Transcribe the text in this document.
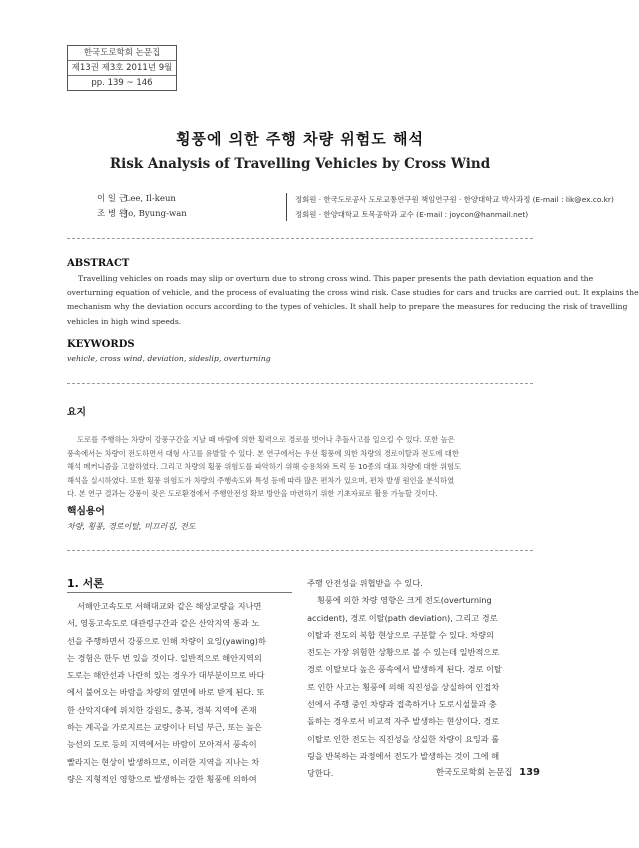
한국도로학회 논문집
제13권 제3호 2011년 9월
pp. 139 ~ 146
횡풍에 의한 주행 차량 위험도 해석
Risk Analysis of Travelling Vehicles by Cross Wind
이 일 근 Lee, Il-keun
조 병 완 Jo, Byung-wan
정회원 · 한국도로공사 도로교통연구원 책임연구원 · 한양대학교 박사과정 (E-mail : lik@ex.co.kr)
정회원 · 한양대학교 토목공학과 교수 (E-mail : joycon@hanmail.net)
ABSTRACT
Travelling vehicles on roads may slip or overturn due to strong cross wind. This paper presents the path deviation equation and the
overturning equation of vehicle, and the process of evaluating the cross wind risk. Case studies for cars and trucks are carried out. It explains the
mechanism why the deviation occurs according to the types of vehicles. It shall help to prepare the measures for reducing the risk of travelling
vehicles in high wind speeds.
KEYWORDS
vehicle, cross wind, deviation, sideslip, overturning
요지
도로를 주행하는 차량이 강풍구간을 지날 때 바람에 의한 횡력으로 경로를 벗어나 추돌사고를 일으킬 수 있다. 또한 높은
풍속에서는 차량이 전도하면서 대형 사고를 유발할 수 있다. 본 연구에서는 우선 횡풍에 의한 차량의 경로이탈과 전도에 대한
해석 메커니즘을 고찰하였다. 그리고 차량의 횡풍 위험도를 파악하기 위해 승용차와 트럭 등 10종의 대표 차량에 대한 위험도
해석을 실시하였다. 또한 횡풍 위험도가 차량의 주행속도와 특성 등에 따라 많은 편차가 있으며, 편차 발생 원인을 분석하였
다. 본 연구 결과는 강풍이 잦은 도로환경에서 주행안전성 확보 방안을 마련하기 위한 기초자료로 활용 가능할 것이다.
핵심용어
차량, 횡풍, 경로이탈, 미끄러짐, 전도
1. 서론
서해안고속도로 서해대교와 같은 해상교량을 지나면
서, 영동고속도로 대관령구간과 같은 산악지역 통과 노
선을 주행하면서 강풍으로 인해 차량이 요잉(yawing)하
는 경험은 한두 번 있을 것이다. 일반적으로 해안지역의
도로는 해안선과 나란히 있는 경우가 대부분이므로 바다
에서 불어오는 바람을 차량의 옆면에 바로 받게 된다. 또
한 산악지대에 위치한 강원도, 충북, 경북 지역에 존재
하는 계곡을 가로지르는 교량이나 터널 부근, 또는 높은
능선의 도로 등의 지역에서는 바람이 모아져서 풍속이
빨라지는 현상이 발생하므로, 이러한 지역을 지나는 차
량은 지형적인 영향으로 발생하는 강한 횡풍에 의하여
주행 안전성을 위협받을 수 있다.
횡풍에 의한 차량 영향은 크게 전도(overturning
accident), 경로 이탈(path deviation), 그리고 경로
이탈과 전도의 복합 현상으로 구분할 수 있다. 차량의
전도는 가장 위험한 상황으로 볼 수 있는데 일반적으로
경로 이탈보다 높은 풍속에서 발생하게 된다. 경로 이탈
로 인한 사고는 횡풍에 의해 직진성을 상실하여 인접차
선에서 주행 중인 차량과 접촉하거나 도로시설물과 충
돌하는 경우로서 비교적 자주 발생하는 현상이다. 경로
이탈로 인한 전도는 직진성을 상실한 차량이 요잉과 롤
링을 반복하는 과정에서 전도가 발생하는 것이 그에 해
당한다.	한국도로학회 논문집 139
